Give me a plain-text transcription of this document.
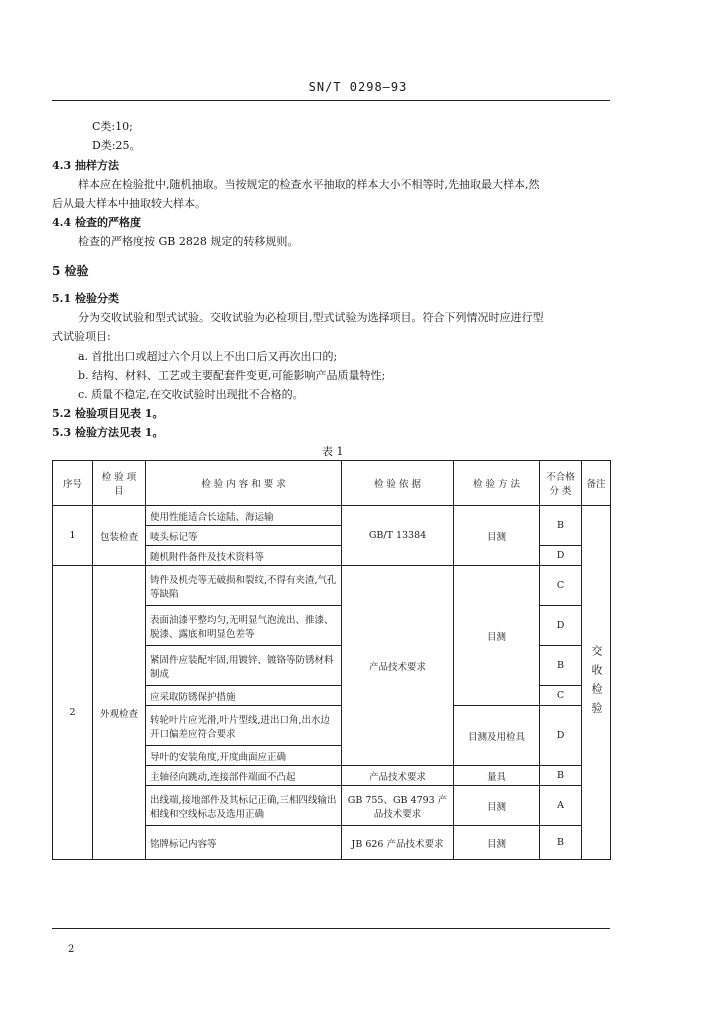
SN/T 0298—93
C类:10;
D类:25。
4.3 抽样方法
样本应在检验批中,随机抽取。当按规定的检查水平抽取的样本大小不相等时,先抽取最大样本,然
后从最大样本中抽取较大样本。
4.4 检查的严格度
检查的严格度按 GB 2828 规定的转移规则。
5 检验
5.1 检验分类
分为交收试验和型式试验。交收试验为必检项目,型式试验为选择项目。符合下列情况时应进行型
式试验项目:
a. 首批出口或超过六个月以上不出口后又再次出口的;
b. 结构、材料、工艺或主要配套件变更,可能影响产品质量特性;
c. 质量不稳定,在交收试验时出现批不合格的。
5.2 检验项目见表 1。
5.3 检验方法见表 1。
表 1
序号	检 验 项 目	检 验 内 容 和 要 求	检 验 依 据	检 验 方 法	不合格 分 类	备注
1	包装检查	使用性能适合长途陆、海运输	GB/T 13384	目测	B	交收检验

		唛头标记等				
		随机附件备件及技术资料等			D	
2	外观检查	铸件及机壳等无破损和裂纹,不得有夹渣,气孔等缺陷	产品技术要求	目测	C	
		表面油漆平整均匀,无明显气泡流出、推漆、脱漆、露底和明显色差等			D	
		紧固件应装配牢固,用镀锌、镀铬等防锈材料制成			B	
		应采取防锈保护措施			C	
		转轮叶片应光滑,叶片型线,进出口角,出水边开口偏差应符合要求		目测及用检具	D	
		导叶的安装角度,开度曲面应正确				
		主轴径向跳动,连接部件端面不凸起	产品技术要求	量具	B	
		出线端,接地部件及其标记正确,三相四线输出相线和空线标志及选用正确	GB 755、GB 4793 产品技术要求	目测	A	
		铭牌标记内容等	JB 626 产品技术要求	目测	B	
2
